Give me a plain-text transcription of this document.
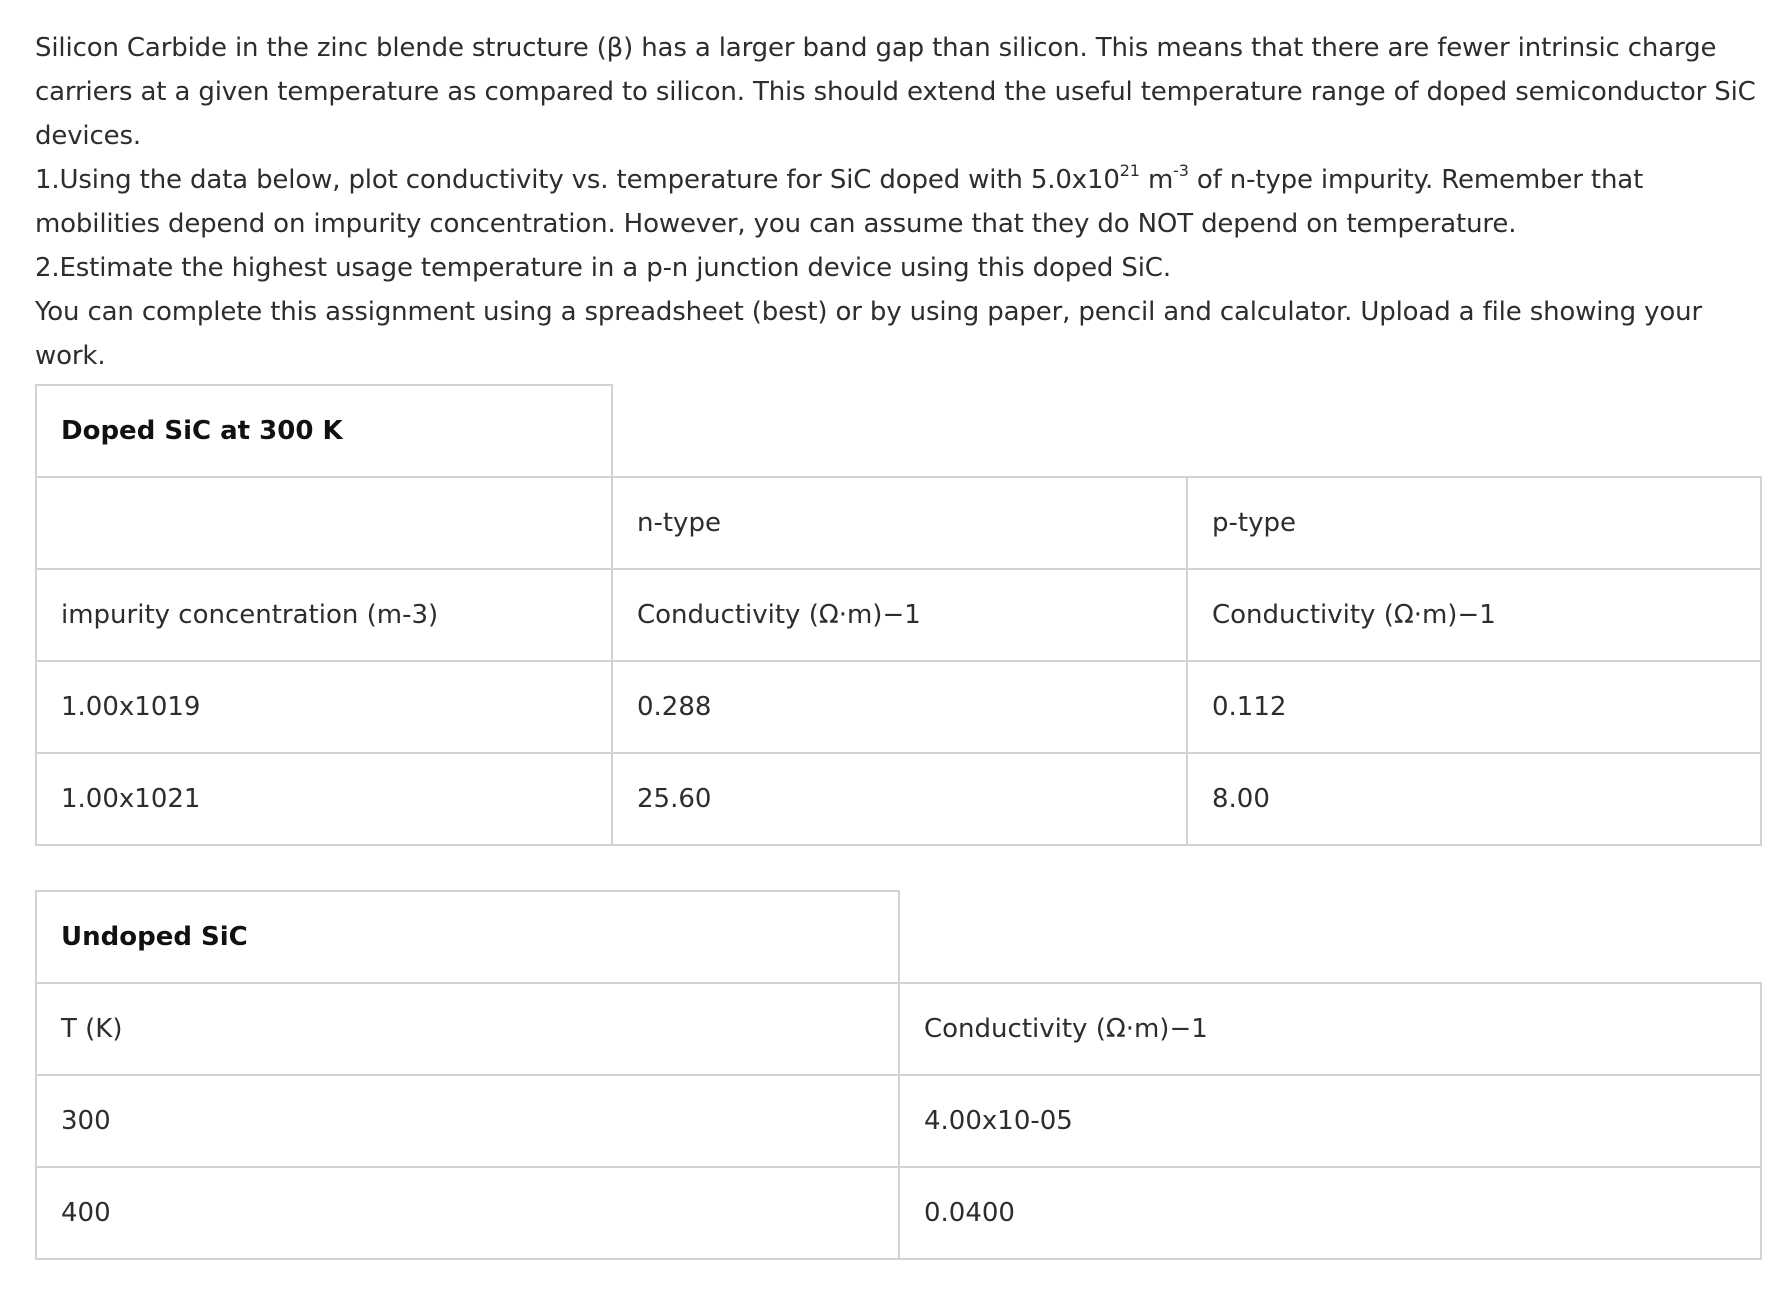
Silicon Carbide in the zinc blende structure (β) has a larger band gap than silicon. This means that there are fewer intrinsic charge carriers at a given temperature as compared to silicon. This should extend the useful temperature range of doped semiconductor SiC devices.

1.Using the data below, plot conductivity vs. temperature for SiC doped with $5.0x10^{21}$ $m^{-3}$ of n-type impurity. Remember that mobilities depend on impurity concentration. However, you can assume that they do NOT depend on temperature.

2.Estimate the highest usage temperature in a p-n junction device using this doped SiC.

You can complete this assignment using a spreadsheet (best) or by using paper, pencil and calculator. Upload a file showing your work.

Doped SiC at 300 K		
	n-type	p-type
impurity concentration (m-3)	Conductivity (Ω·m)−1	Conductivity (Ω·m)−1
1.00x1019	0.288	0.112
1.00x1021	25.60	8.00
Undoped SiC	
T (K)	Conductivity (Ω·m)−1
300	4.00x10-05
400	0.0400
